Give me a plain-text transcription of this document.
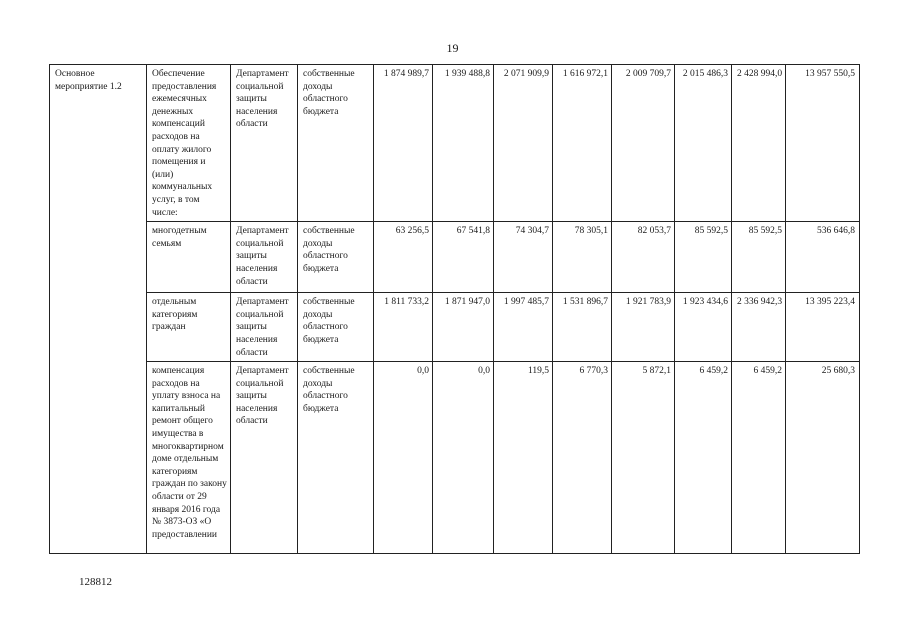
19
Основное мероприятие 1.2	Обеспечение предоставления ежемесячных денежных компенсаций расходов на оплату жилого помещения и (или) коммунальных услуг, в том числе:	Департамент социальной защиты населения области	собственные доходы областного бюджета	1 874 989,7	1 939 488,8	2 071 909,9	1 616 972,1	2 009 709,7	2 015 486,3	2 428 994,0	13 957 550,5
	многодетным семьям	Департамент социальной защиты населения области	собственные доходы областного бюджета	63 256,5	67 541,8	74 304,7	78 305,1	82 053,7	85 592,5	85 592,5	536 646,8
	отдельным категориям граждан	Департамент социальной защиты населения области	собственные доходы областного бюджета	1 811 733,2	1 871 947,0	1 997 485,7	1 531 896,7	1 921 783,9	1 923 434,6	2 336 942,3	13 395 223,4
	компенсация расходов на уплату взноса на капитальный ремонт общего имущества в многоквартирном доме отдельным категориям граждан по закону области от 29 января 2016 года № 3873-ОЗ «О предоставлении	Департамент социальной защиты населения области	собственные доходы областного бюджета	0,0	0,0	119,5	6 770,3	5 872,1	6 459,2	6 459,2	25 680,3
128812
